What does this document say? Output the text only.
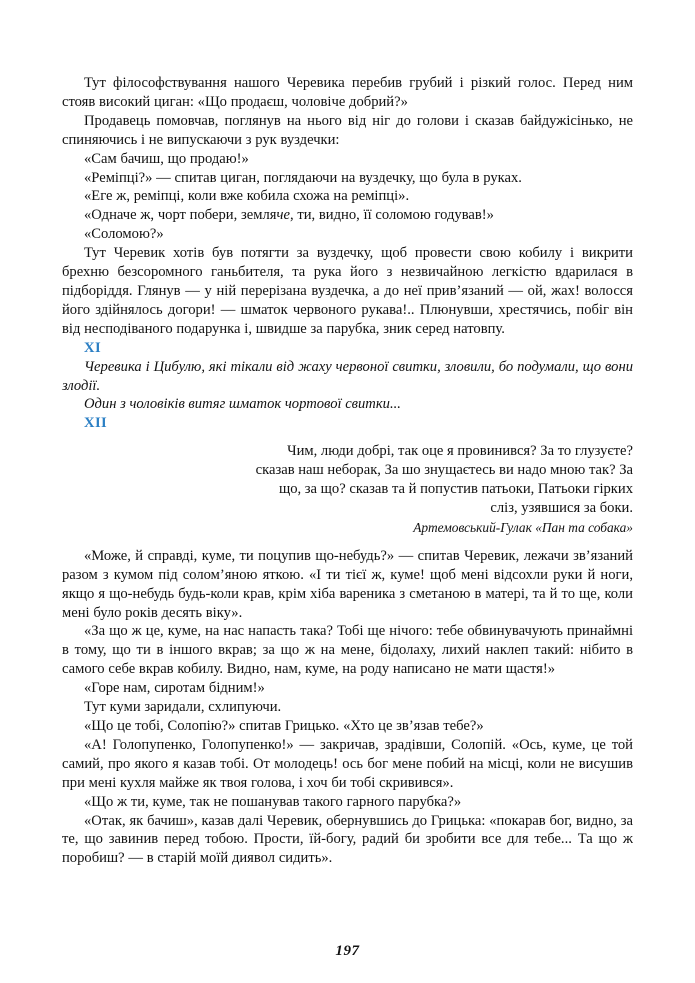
Тут філософствування нашого Черевика перебив грубий і різкий голос. Перед ним стояв високий циган: «Що продаєш, чоловіче добрий?»

Продавець помовчав, поглянув на нього від ніг до голови і сказав байдужісінько, не спиняючись і не випускаючи з рук вуздечки:

«Сам бачиш, що продаю!»

«Реміпці?» — спитав циган, поглядаючи на вуздечку, що була в руках.

«Еге ж, реміпці, коли вже кобила схожа на реміпці».

«Одначе ж, чорт побери, земляче, ти, видно, її соломою годував!»

«Соломою?»

Тут Черевик хотів був потягти за вуздечку, щоб провести свою кобилу і викрити брехню безсоромного ганьбителя, та рука його з незвичайною легкістю вдарилася в підборіддя. Глянув — у ній перерізана вуздечка, а до неї прив’язаний — ой, жах! волосся його здійнялось догори! — шматок червоного рукава!.. Плюнувши, хрестячись, побіг він від несподіваного подарунка і, швидше за парубка, зник серед натовпу.

XI

Черевика і Цибулю, які тікали від жаху червоної свитки, зловили, бо подумали, що вони злодії.

Один з чоловіків витяг шматок чортової свитки...

XII

Чим, люди добрі, так оце я провинився? За то глузуєте? сказав наш неборак, За шо знущаєтесь ви надо мною так? За що, за що? сказав та й попустив патьоки, Патьоки гірких сліз, узявшися за боки.

Артемовський-Гулак «Пан та собака»

«Може, й справді, куме, ти поцупив що-небудь?» — спитав Черевик, лежачи зв’язаний разом з кумом під солом’яною яткою. «І ти тієї ж, куме! щоб мені відсохли руки й ноги, якщо я що-небудь будь-коли крав, крім хіба вареника з сметаною в матері, та й то ще, коли мені було років десять віку».

«За що ж це, куме, на нас напасть така? Тобі ще нічого: тебе обвинувачують принаймні в тому, що ти в іншого вкрав; за що ж на мене, бідолаху, лихий наклеп такий: нібито в самого себе вкрав кобилу. Видно, нам, куме, на роду написано не мати щастя!»

«Горе нам, сиротам бідним!»

Тут куми заридали, схлипуючи.

«Що це тобі, Солопію?» спитав Грицько. «Хто це зв’язав тебе?»

«А! Голопупенко, Голопупенко!» — закричав, зрадівши, Солопій. «Ось, куме, це той самий, про якого я казав тобі. От молодець! ось бог мене побий на місці, коли не висушив при мені кухля майже як твоя голова, і хоч би тобі скривився».

«Що ж ти, куме, так не пошанував такого гарного парубка?»

«Отак, як бачиш», казав далі Черевик, обернувшись до Грицька: «покарав бог, видно, за те, що завинив перед тобою. Прости, їй-богу, радий би зробити все для тебе... Та що ж поробиш? — в старій моїй диявол сидить».

197
